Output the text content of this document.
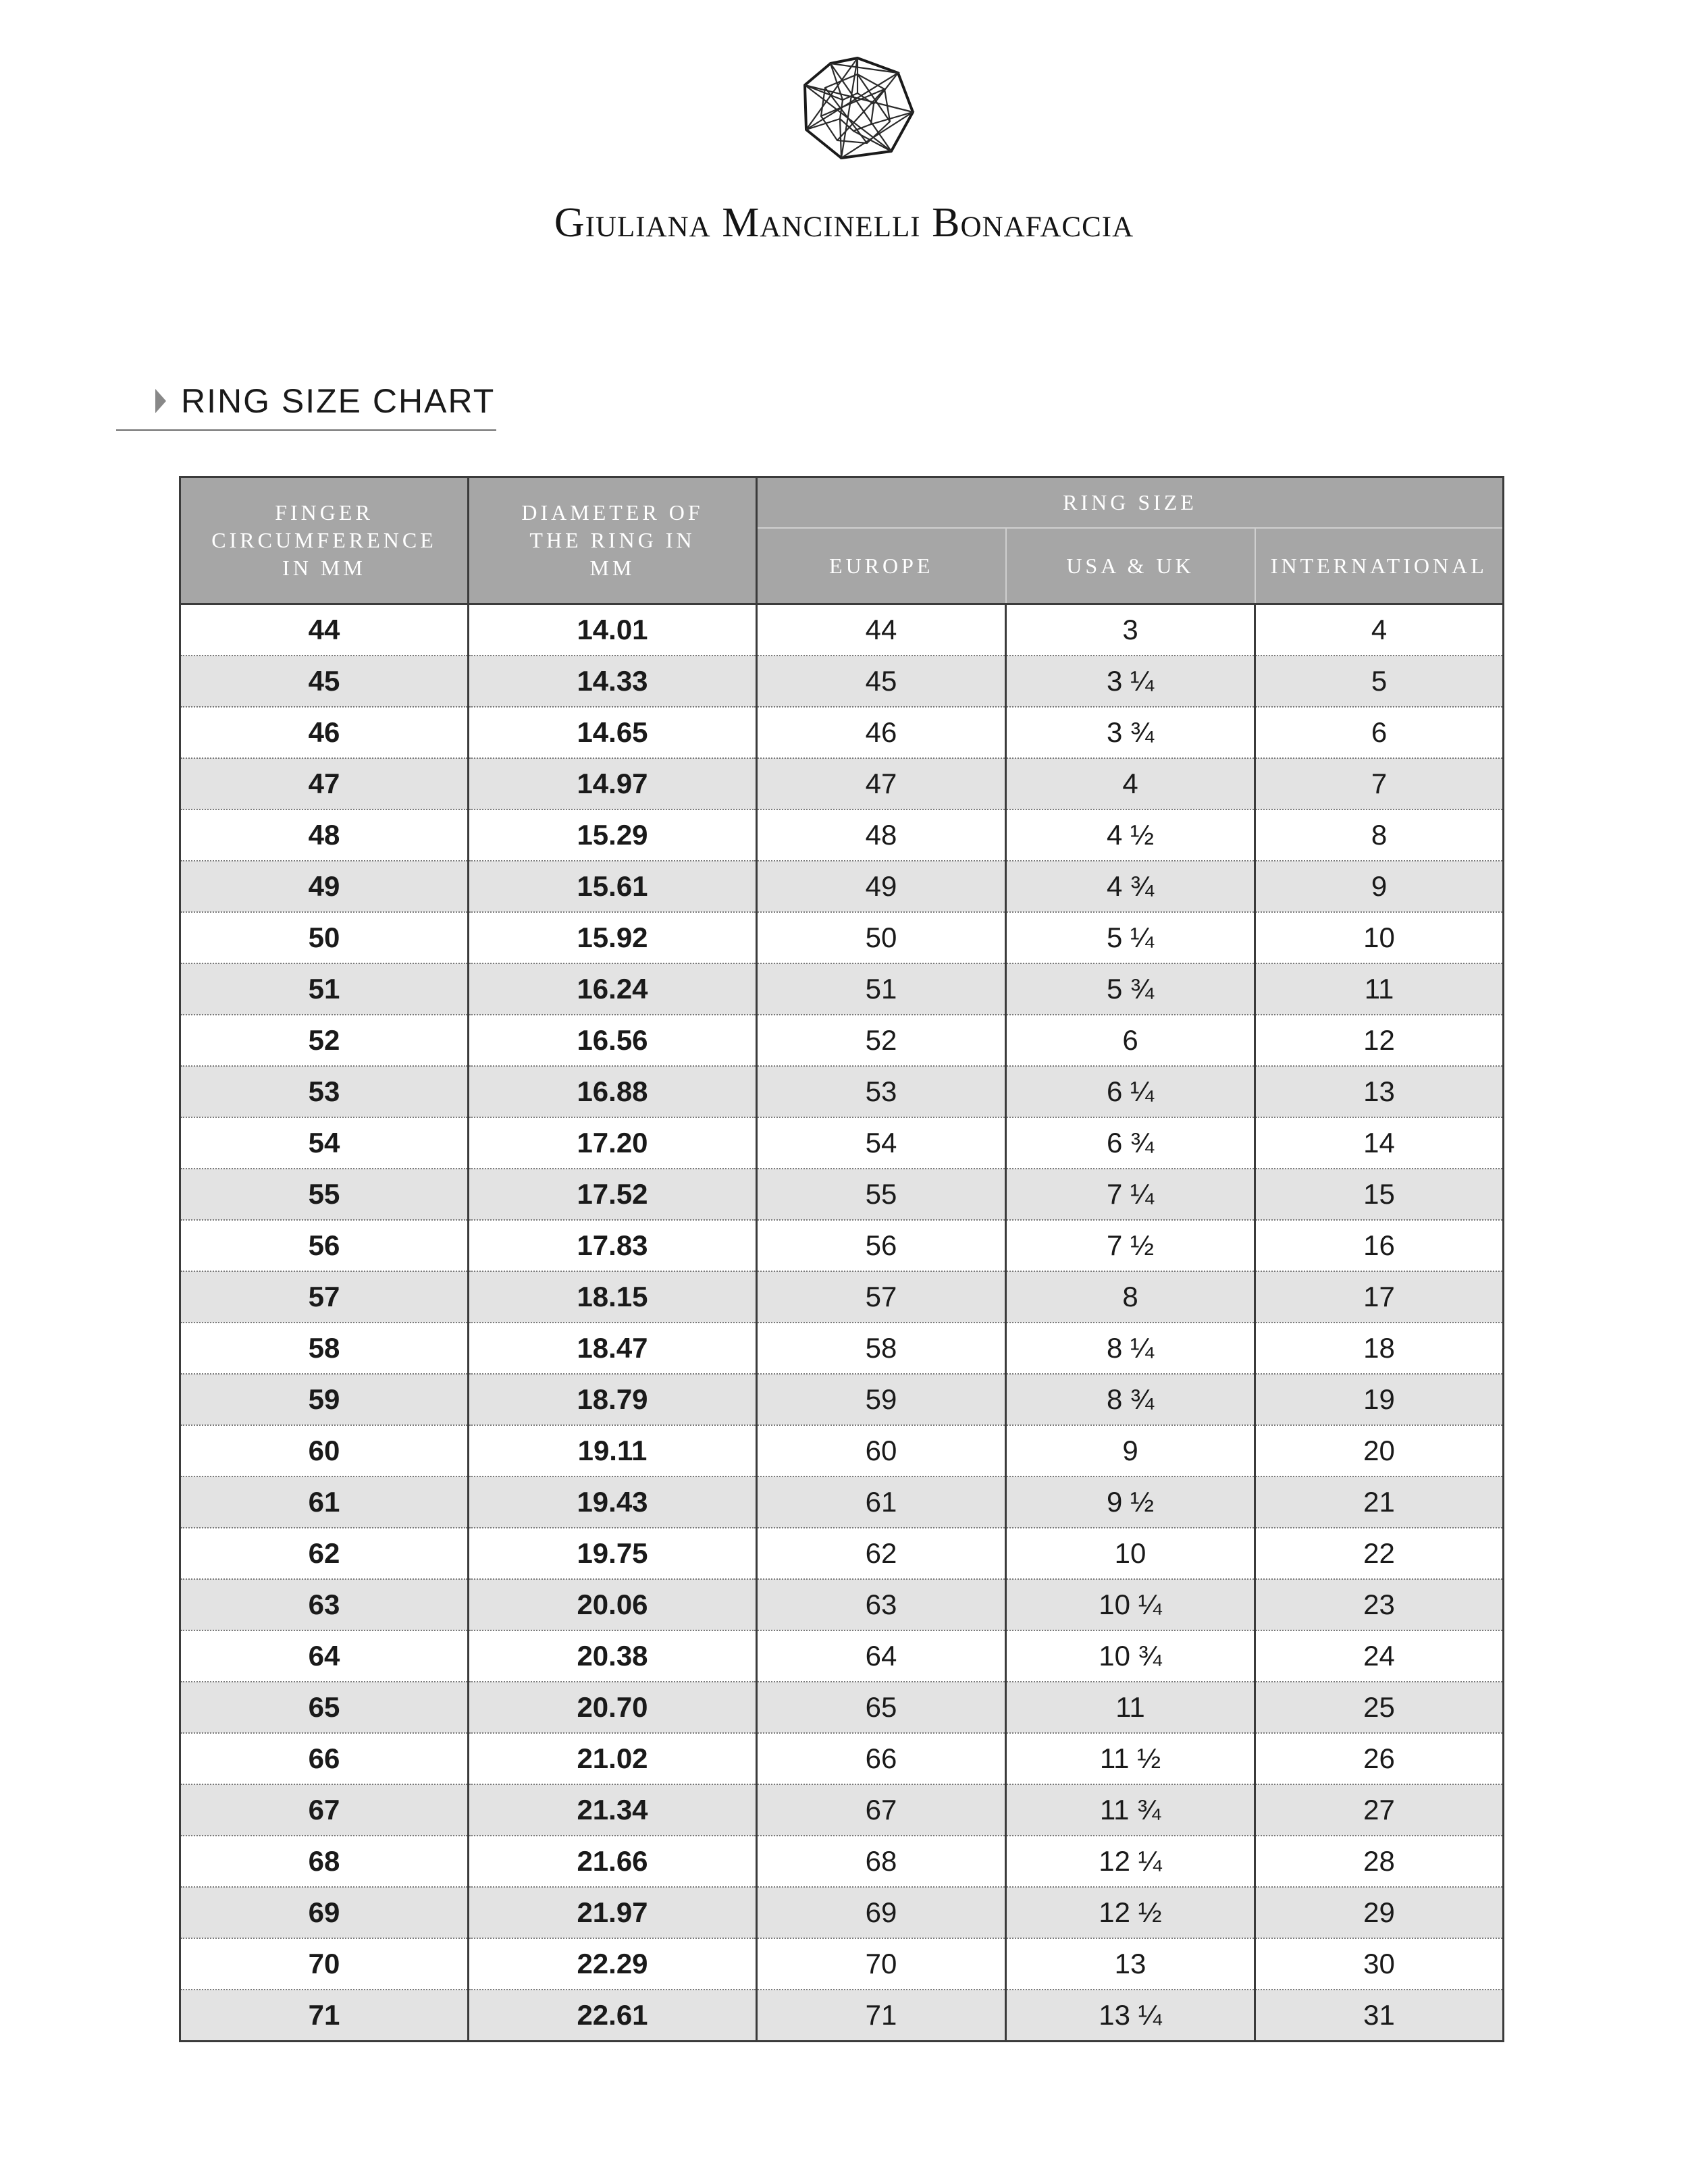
Giuliana Mancinelli Bonafaccia
RING SIZE CHART
FINGER CIRCUMFERENCE IN MM	DIAMETER OF THE RING IN MM	RING SIZE		
		EUROPE	USA & UK	INTERNATIONAL
44	14.01	44	3	4
45	14.33	45	3 ¼	5
46	14.65	46	3 ¾	6
47	14.97	47	4	7
48	15.29	48	4 ½	8
49	15.61	49	4 ¾	9
50	15.92	50	5 ¼	10
51	16.24	51	5 ¾	11
52	16.56	52	6	12
53	16.88	53	6 ¼	13
54	17.20	54	6 ¾	14
55	17.52	55	7 ¼	15
56	17.83	56	7 ½	16
57	18.15	57	8	17
58	18.47	58	8 ¼	18
59	18.79	59	8 ¾	19
60	19.11	60	9	20
61	19.43	61	9 ½	21
62	19.75	62	10	22
63	20.06	63	10 ¼	23
64	20.38	64	10 ¾	24
65	20.70	65	11	25
66	21.02	66	11 ½	26
67	21.34	67	11 ¾	27
68	21.66	68	12 ¼	28
69	21.97	69	12 ½	29
70	22.29	70	13	30
71	22.61	71	13 ¼	31
